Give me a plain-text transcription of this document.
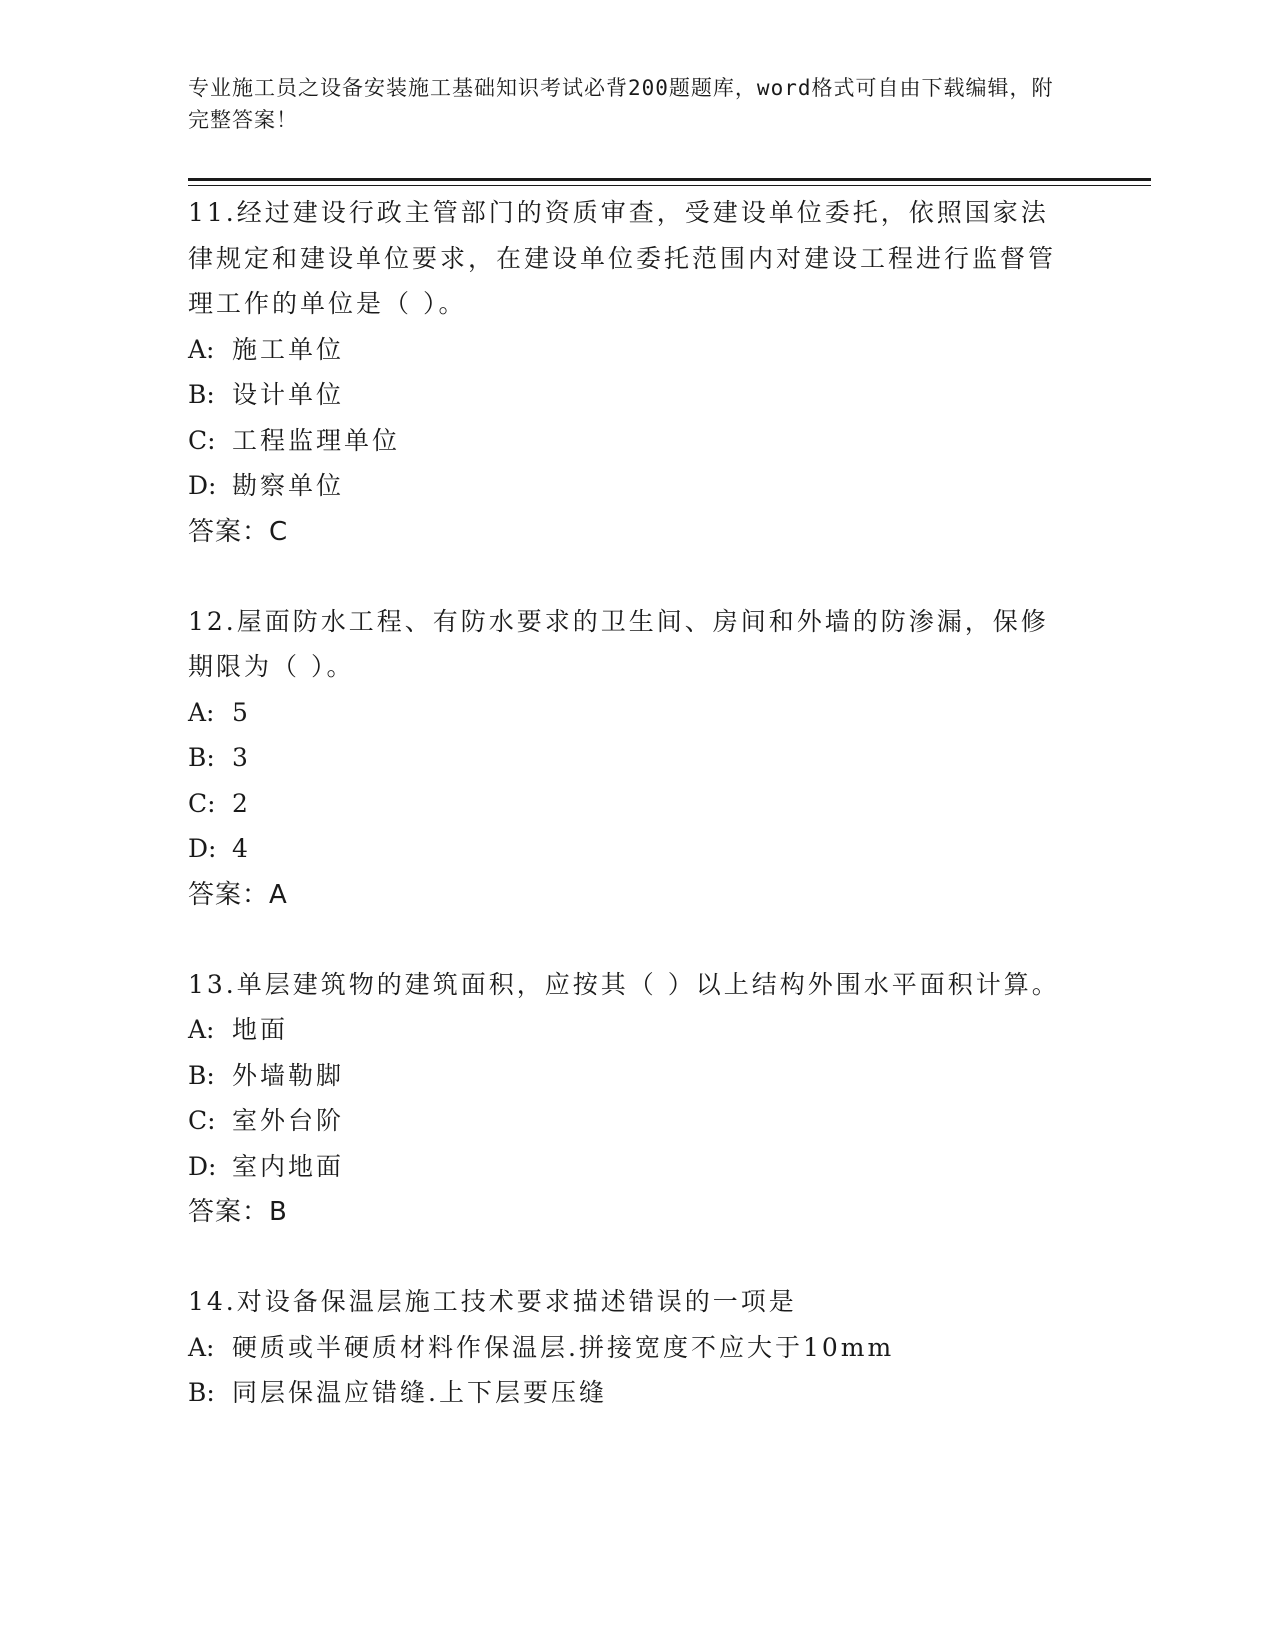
专业施工员之设备安装施工基础知识考试必背200题题库，word格式可自由下载编辑，附完整答案！

11.经过建设行政主管部门的资质审查，受建设单位委托，依照国家法律规定和建设单位要求，在建设单位委托范围内对建设工程进行监督管理工作的单位是（ ）。

A: 施工单位

B: 设计单位

C: 工程监理单位

D: 勘察单位

答案：C

12.屋面防水工程、有防水要求的卫生间、房间和外墙的防渗漏，保修期限为（ ）。

A: 5

B: 3

C: 2

D: 4

答案：A

13.单层建筑物的建筑面积，应按其（ ）以上结构外围水平面积计算。

A: 地面

B: 外墙勒脚

C: 室外台阶

D: 室内地面

答案：B

14.对设备保温层施工技术要求描述错误的一项是

A: 硬质或半硬质材料作保温层.拼接宽度不应大于10mm

B: 同层保温应错缝.上下层要压缝
